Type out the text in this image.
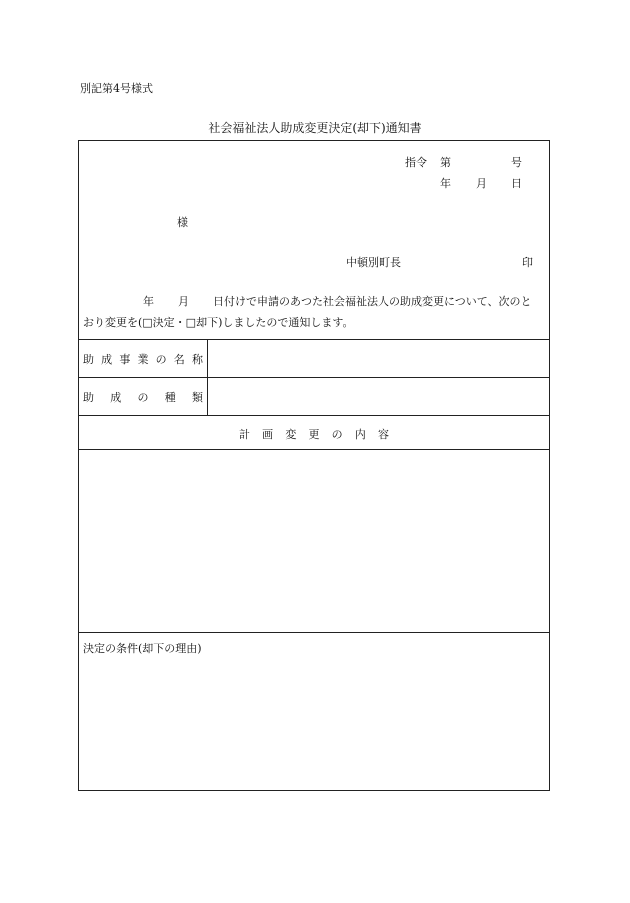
別記第4号様式
社会福祉法人助成変更決定(却下)通知書
指令 第	号
年 月 日
様
中頓別町長	印
年 月 日付けで申請のあつた社会福祉法人の助成変更について、次のと
おり変更を(□決定・□却下)しましたので通知します。
助 成 事 業 の 名 称
助 成 の 種 類
計 画 変 更 の 内 容
決定の条件(却下の理由)
